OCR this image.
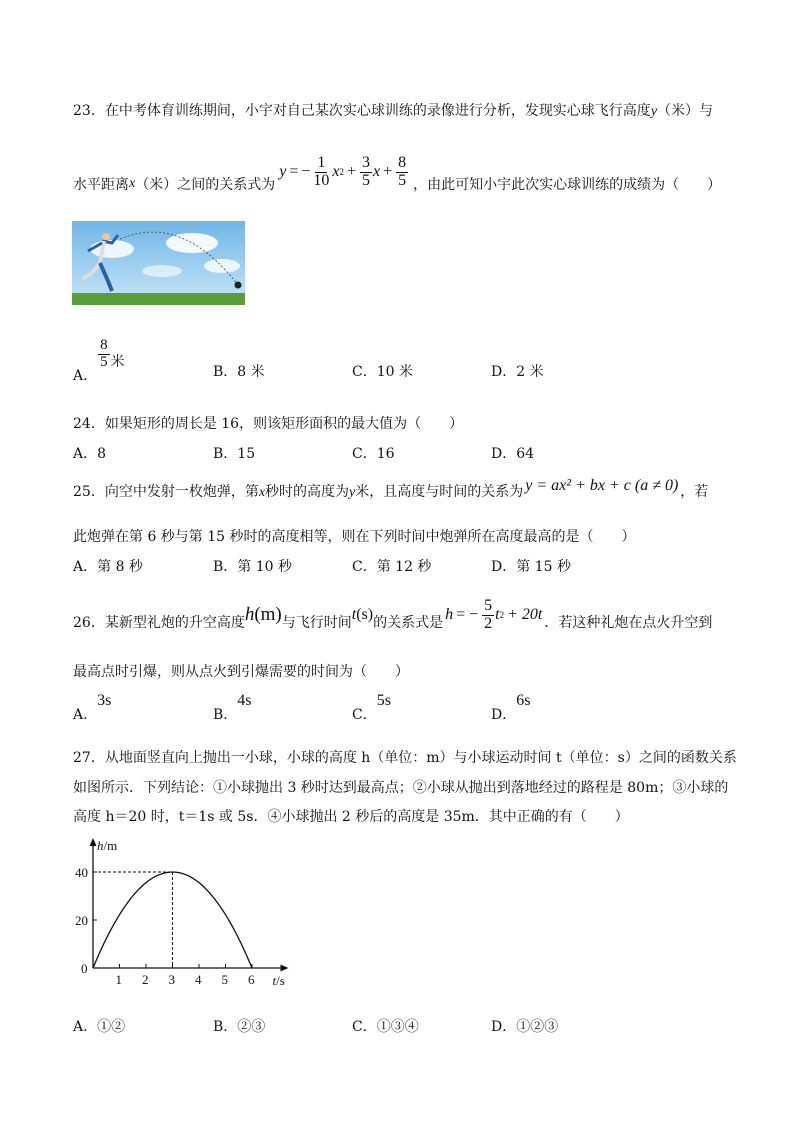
23．在中考体育训练期间，小宇对自己某次实心球训练的录像进行分析，发现实心球飞行高度y（米）与
水平距离 x （米）之间的关系式为
y = − $\frac{1}{10}$ x $2 + \frac{3}{5}$ $x + \frac{8}{5}$ ，由此可知小宇此次实心球训练的成绩为（　　）
A．
$\frac{8}{5}$ 米
B．8 米	C．10 米	D．2 米
24．如果矩形的周长是 16，则该矩形面积的最大值为（　　）
A．8	B．15	C．16	D．64
25．向空中发射一枚炮弹，第x秒时的高度为y米，且高度与时间的关系为 y = ax² + bx + c (a ≠ 0) ，若
此炮弹在第 6 秒与第 15 秒时的高度相等，则在下列时间中炮弹所在高度最高的是（　　）
A．第 8 秒	B．第 10 秒	C．第 12 秒	D．第 15 秒
26．某新型礼炮的升空高度 h (m) 与飞行时间 t (s) 的关系式是 h = − $\frac{5}{2}$ t 2 + 20t ．若这种礼炮在点火升空到
最高点时引爆，则从点火到引爆需要的时间为（　　）
A．3s
B．4s
C．5s
D．6s
27．从地面竖直向上抛出一小球，小球的高度 h（单位：m）与小球运动时间 t（单位：s）之间的函数关系
如图所示．下列结论：①小球抛出 3 秒时达到最高点；②小球从抛出到落地经过的路程是 80m；③小球的
高度 h＝20 时，t＝1s 或 5s．④小球抛出 2 秒后的高度是 35m．其中正确的有（　　）
1 2 3 4 5 6
0
20
40
h/m
t/s
A．①②	B．②③	C．①③④	D．①②③
